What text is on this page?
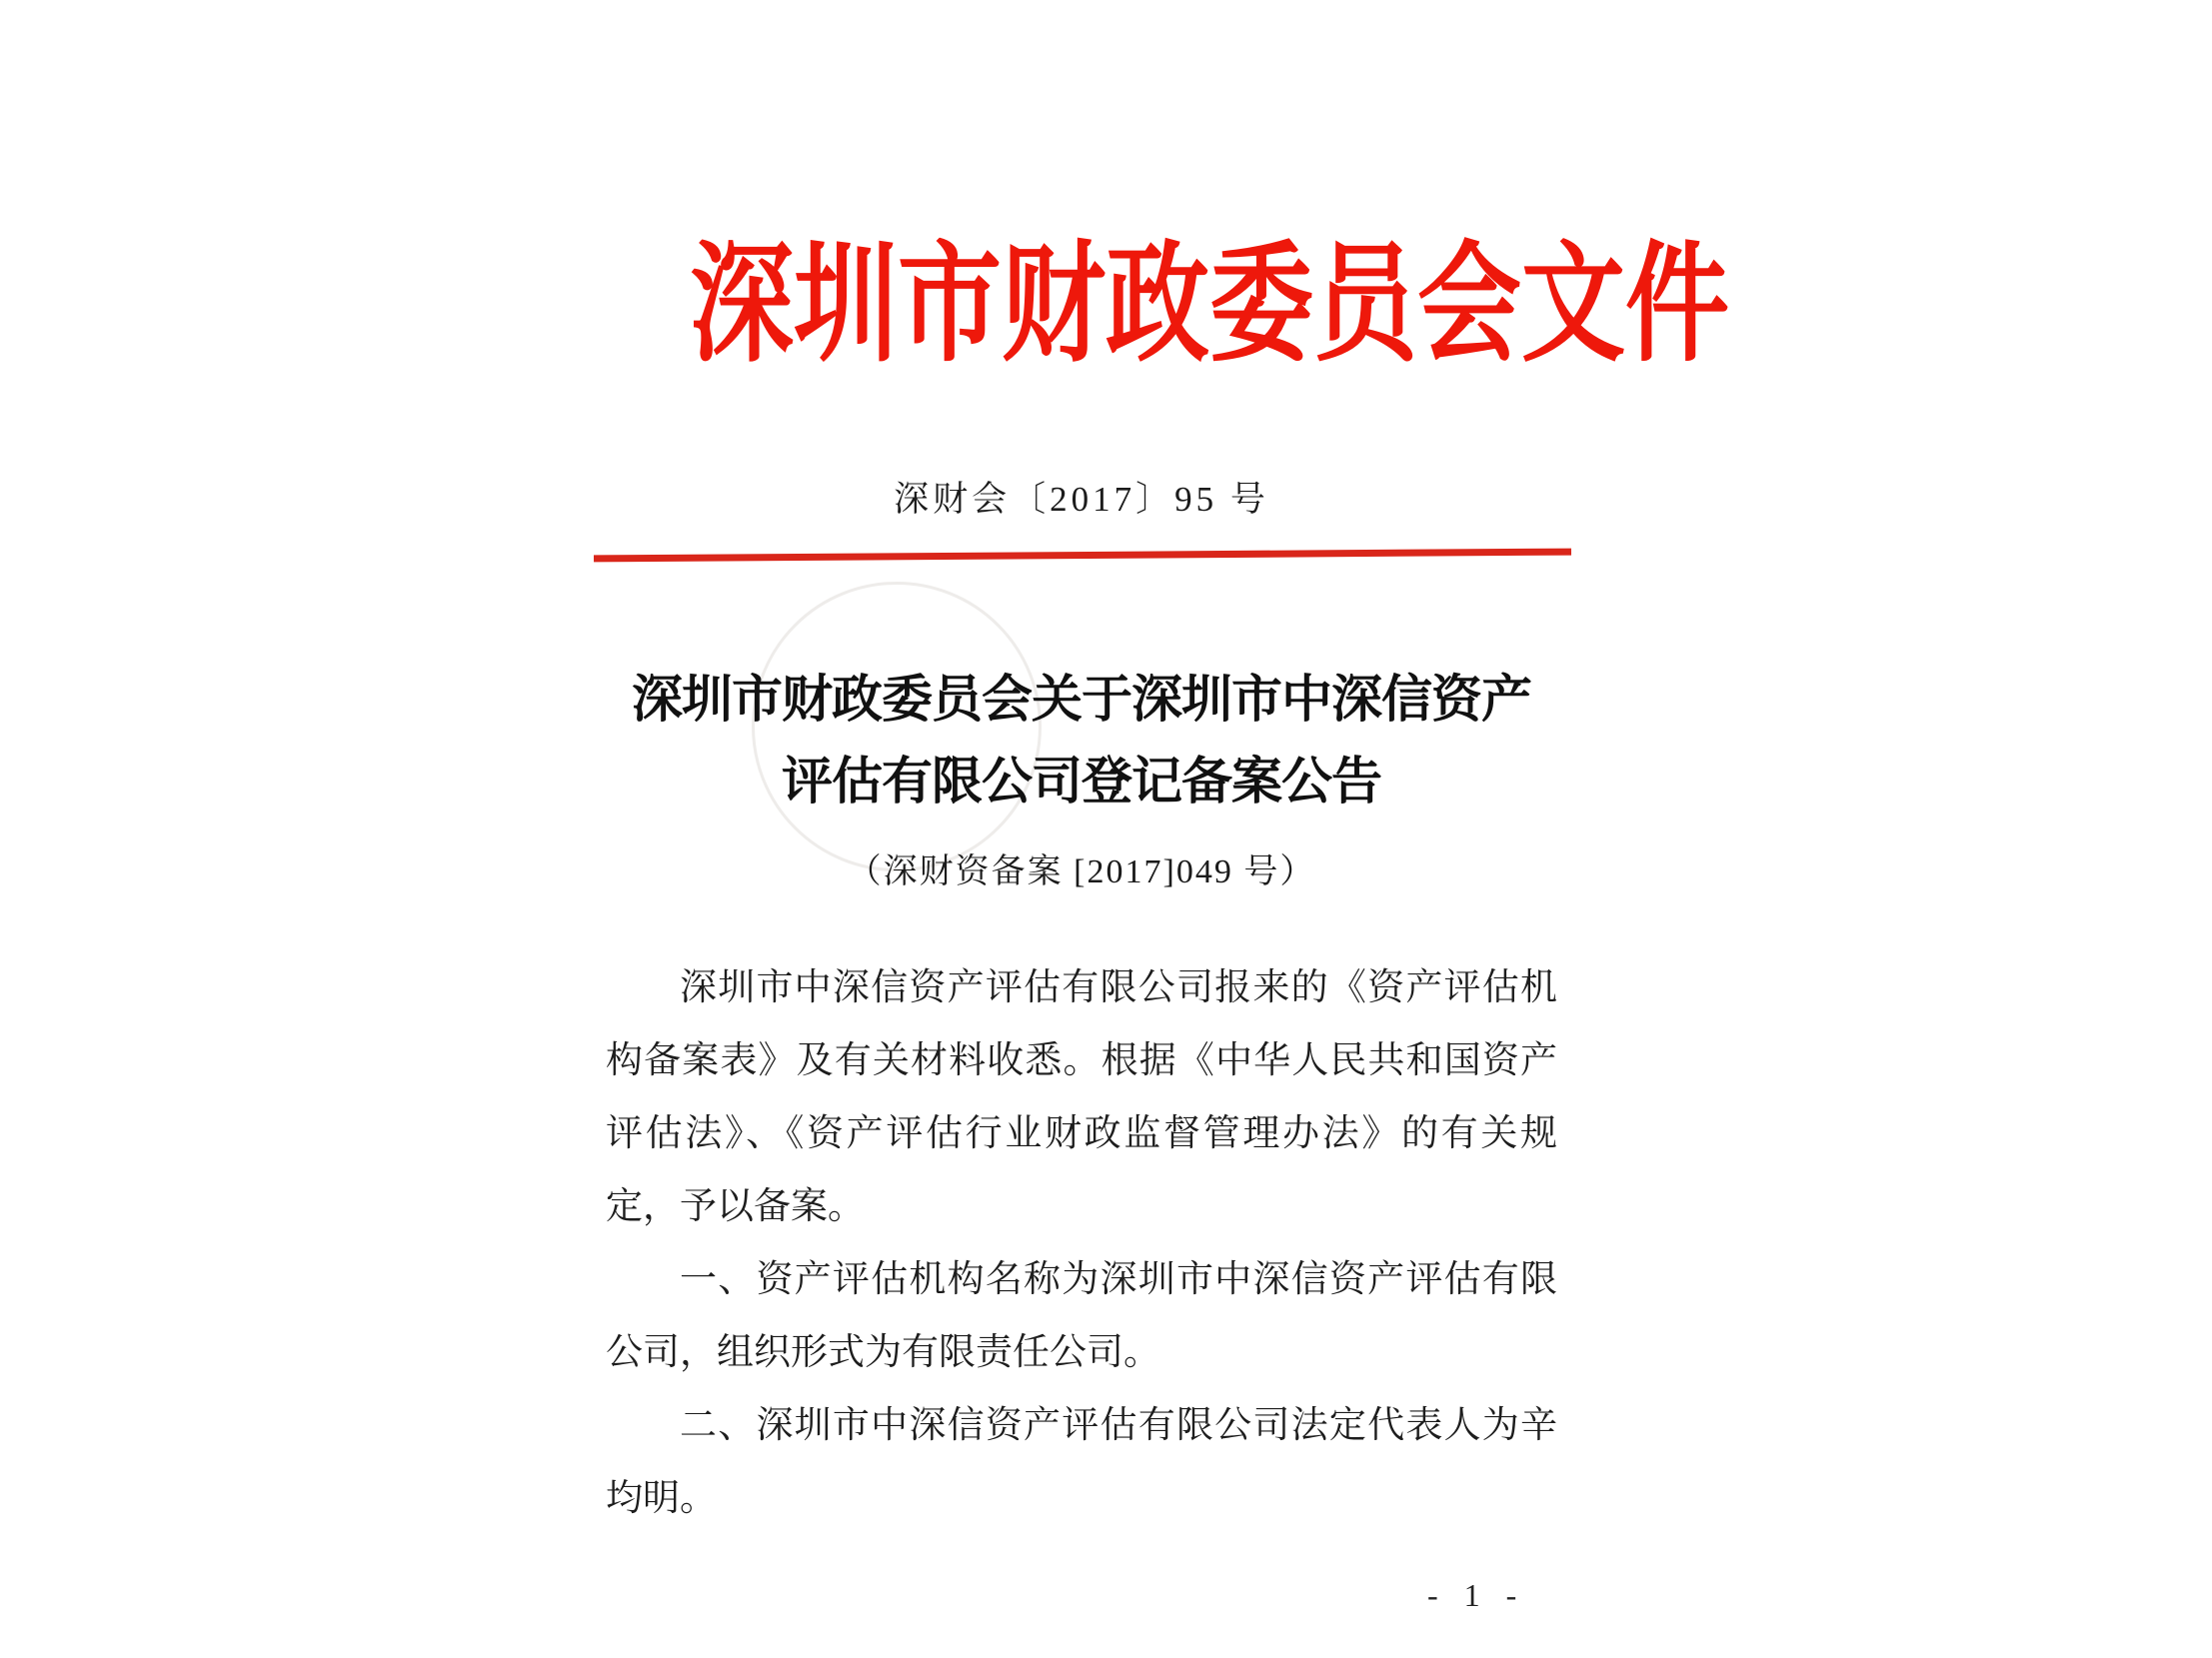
深圳市财政委员会文件
深财会〔2017〕95 号
深圳市财政委员会关于深圳市中深信资产
评估有限公司登记备案公告
（深财资备案 [2017]049 号）

深圳市中深信资产评估有限公司报来的《资产评估机构备案表》及有关材料收悉。根据《中华人民共和国资产评估法》、《资产评估行业财政监督管理办法》的有关规定，予以备案。

一、资产评估机构名称为深圳市中深信资产评估有限公司，组织形式为有限责任公司。

二、深圳市中深信资产评估有限公司法定代表人为辛均明。

- 1 -
